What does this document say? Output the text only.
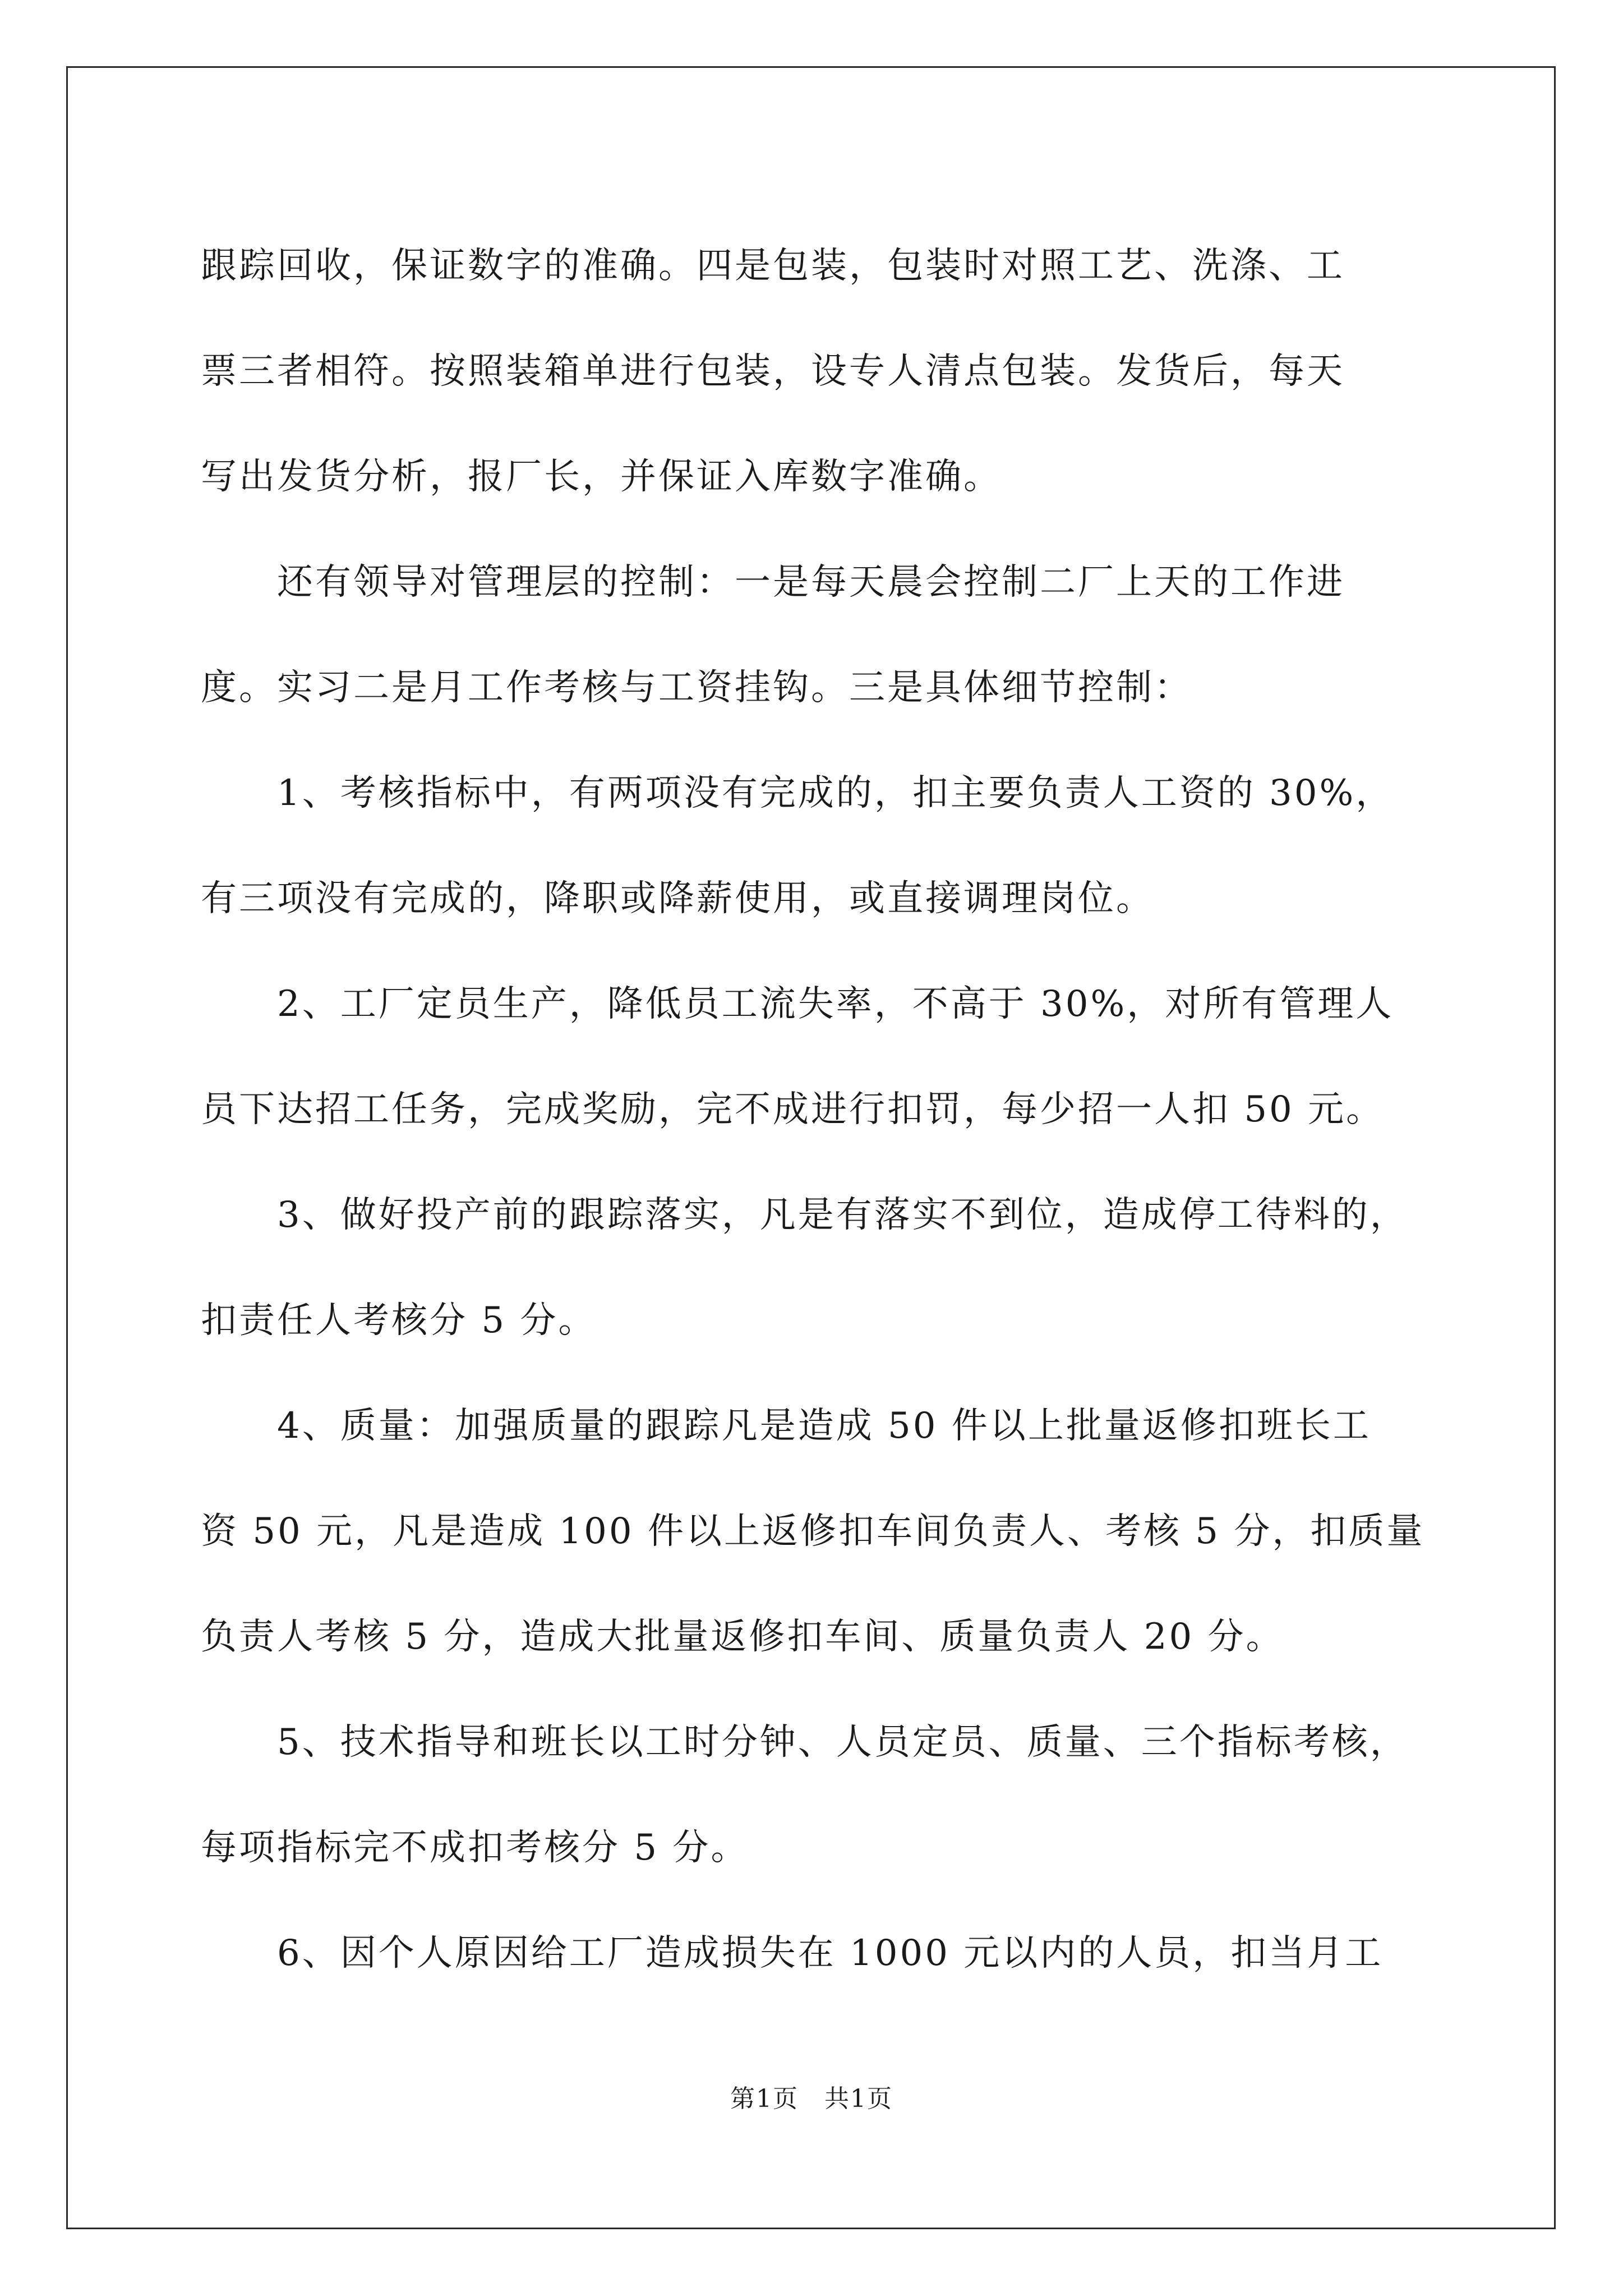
跟踪回收，保证数字的准确。四是包装，包装时对照工艺、洗涤、工
票三者相符。按照装箱单进行包装，设专人清点包装。发货后，每天
写出发货分析，报厂长，并保证入库数字准确。
　　还有领导对管理层的控制：一是每天晨会控制二厂上天的工作进
度。实习二是月工作考核与工资挂钩。三是具体细节控制：
　　1、考核指标中，有两项没有完成的，扣主要负责人工资的 30%，
有三项没有完成的，降职或降薪使用，或直接调理岗位。
　　2、工厂定员生产，降低员工流失率，不高于 30%，对所有管理人
员下达招工任务，完成奖励，完不成进行扣罚，每少招一人扣 50 元。
　　3、做好投产前的跟踪落实，凡是有落实不到位，造成停工待料的，
扣责任人考核分 5 分。
　　4、质量：加强质量的跟踪凡是造成 50 件以上批量返修扣班长工
资 50 元，凡是造成 100 件以上返修扣车间负责人、考核 5 分，扣质量
负责人考核 5 分，造成大批量返修扣车间、质量负责人 20 分。
　　5、技术指导和班长以工时分钟、人员定员、质量、三个指标考核，
每项指标完不成扣考核分 5 分。
　　6、因个人原因给工厂造成损失在 1000 元以内的人员，扣当月工
第1页　共1页
